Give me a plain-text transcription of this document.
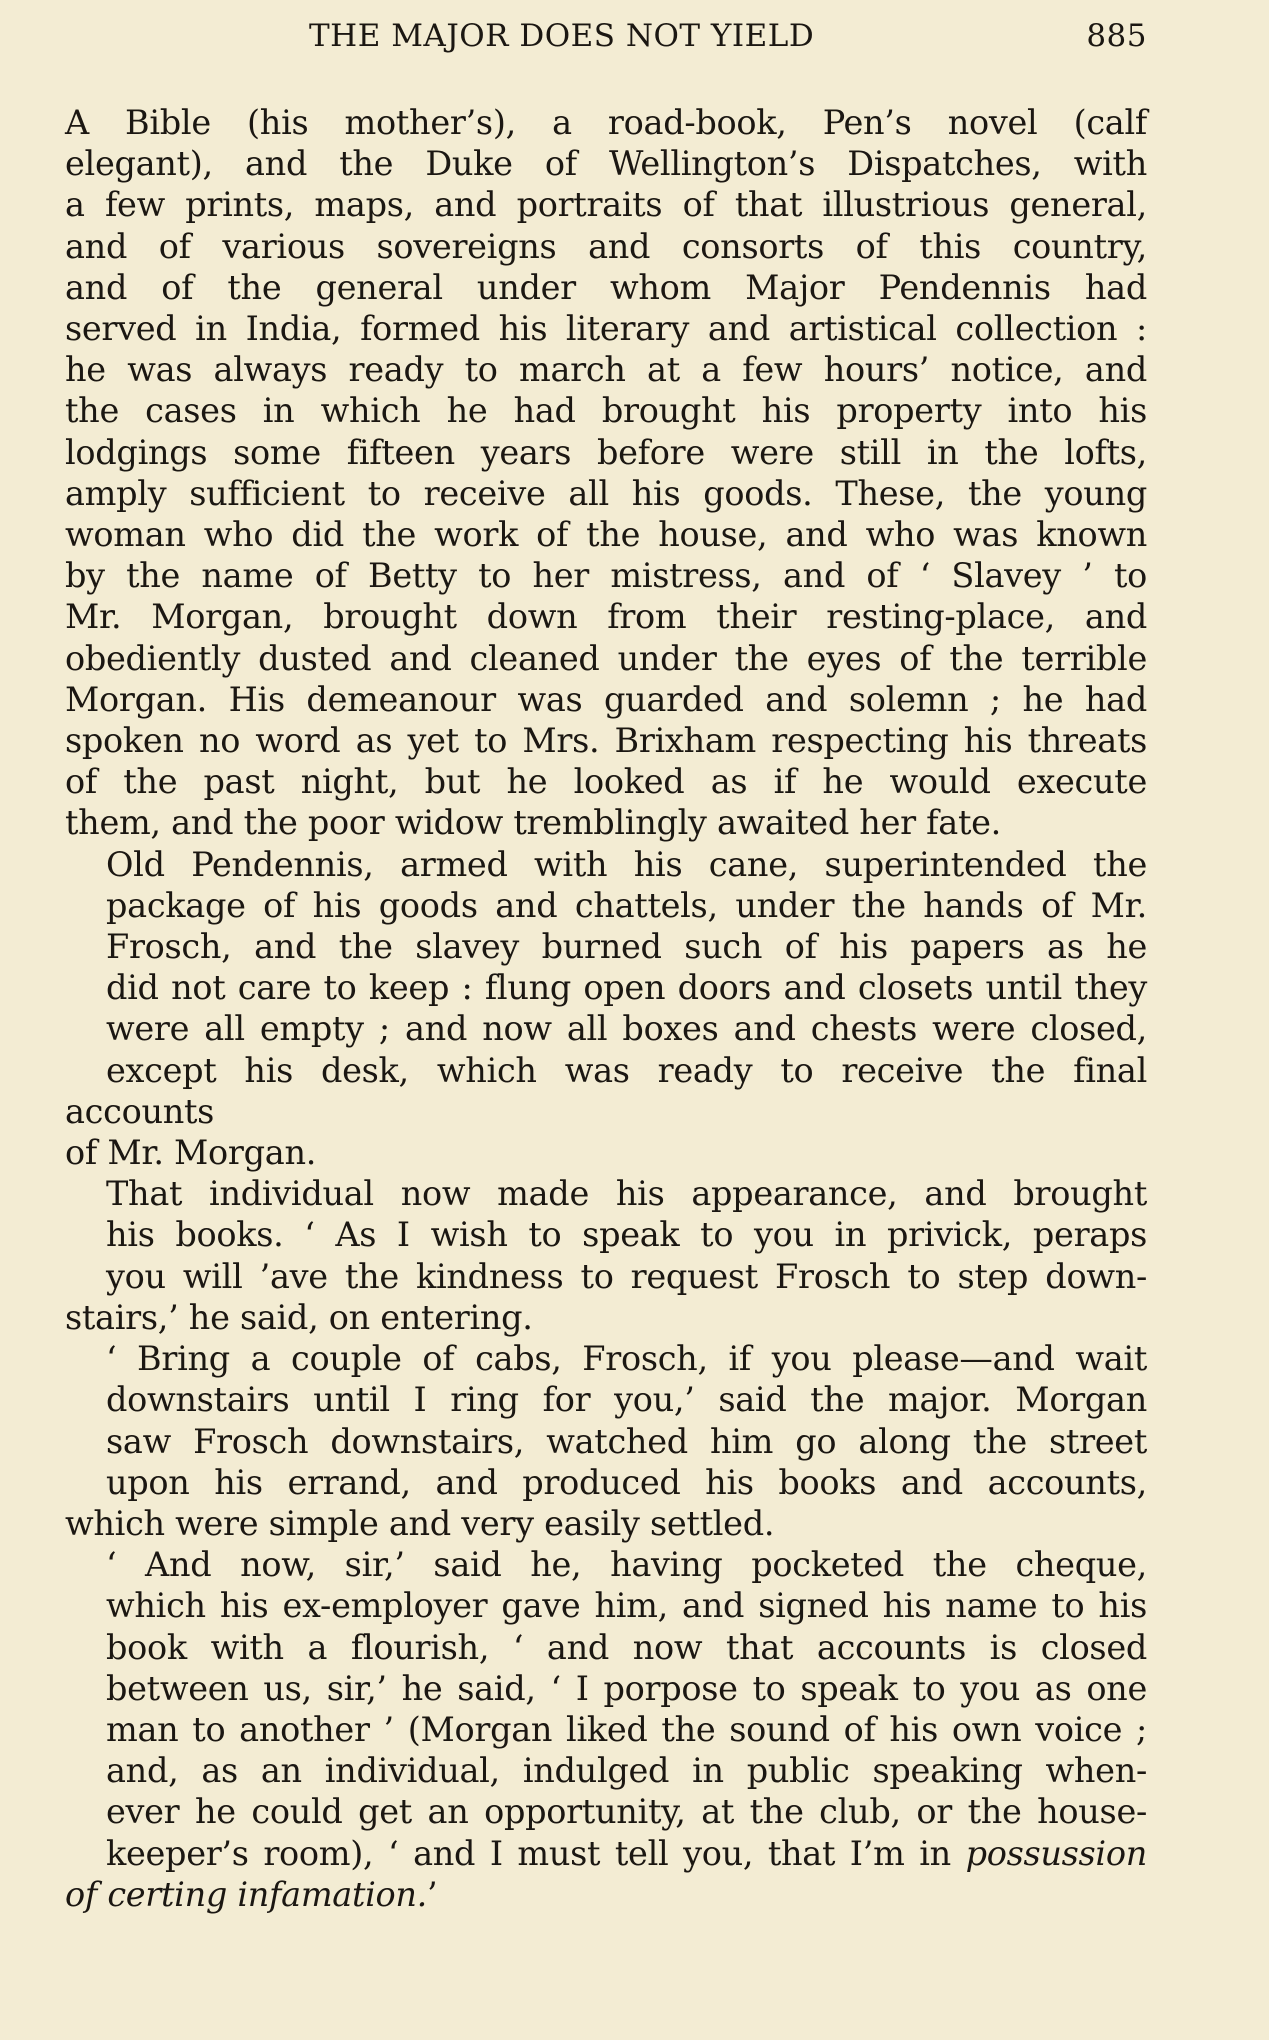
THE MAJOR DOES NOT YIELD	885

A Bible (his mother’s), a road-book, Pen’s novel (calf
elegant), and the Duke of Wellington’s Dispatches, with
a few prints, maps, and portraits of that illustrious general,
and of various sovereigns and consorts of this country,
and of the general under whom Major Pendennis had
served in India, formed his literary and artistical collection :
he was always ready to march at a few hours’ notice, and
the cases in which he had brought his property into his
lodgings some fifteen years before were still in the lofts,
amply sufficient to receive all his goods. These, the young
woman who did the work of the house, and who was known
by the name of Betty to her mistress, and of ‘ Slavey ’ to
Mr. Morgan, brought down from their resting-place, and
obediently dusted and cleaned under the eyes of the terrible
Morgan. His demeanour was guarded and solemn ; he had
spoken no word as yet to Mrs. Brixham respecting his threats
of the past night, but he looked as if he would execute

them, and the poor widow tremblingly awaited her fate.

Old Pendennis, armed with his cane, superintended the
package of his goods and chattels, under the hands of Mr.
Frosch, and the slavey burned such of his papers as he
did not care to keep : flung open doors and closets until they
were all empty ; and now all boxes and chests were closed,
except his desk, which was ready to receive the final accounts

of Mr. Morgan.

That individual now made his appearance, and brought
his books. ‘ As I wish to speak to you in privick, peraps
you will ’ave the kindness to request Frosch to step down-

stairs,’ he said, on entering.

‘ Bring a couple of cabs, Frosch, if you please—and wait
downstairs until I ring for you,’ said the major. Morgan
saw Frosch downstairs, watched him go along the street
upon his errand, and produced his books and accounts,

which were simple and very easily settled.

‘ And now, sir,’ said he, having pocketed the cheque,
which his ex-employer gave him, and signed his name to his
book with a flourish, ‘ and now that accounts is closed
between us, sir,’ he said, ‘ I porpose to speak to you as one
man to another ’ (Morgan liked the sound of his own voice ;
and, as an individual, indulged in public speaking when-
ever he could get an opportunity, at the club, or the house-
keeper’s room), ‘ and I must tell you, that I’m in possussion

of certing infamation.’
